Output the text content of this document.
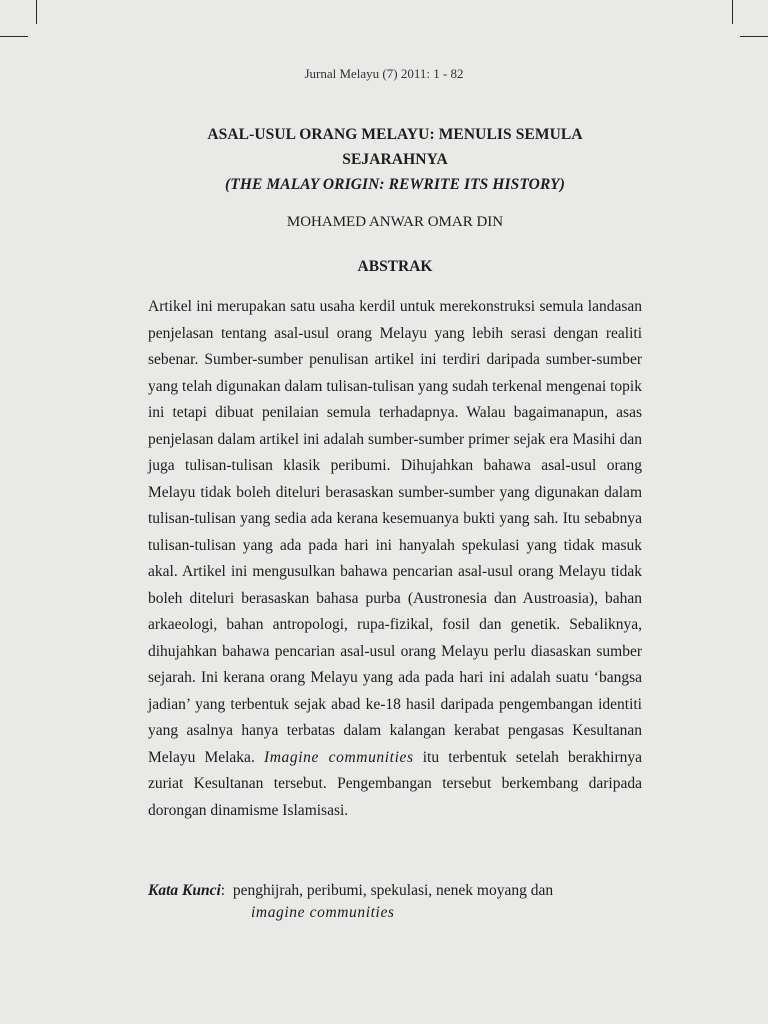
Jurnal Melayu (7) 2011: 1 - 82
ASAL-USUL ORANG MELAYU: MENULIS SEMULA
SEJARAHNYA
(THE MALAY ORIGIN: REWRITE ITS HISTORY)
MOHAMED ANWAR OMAR DIN
ABSTRAK
Artikel ini merupakan satu usaha kerdil untuk merekonstruksi semula landasan penjelasan tentang asal-usul orang Melayu yang lebih serasi dengan realiti sebenar. Sumber-sumber penulisan artikel ini terdiri daripada sumber-sumber yang telah digunakan dalam tulisan-tulisan yang sudah terkenal mengenai topik ini tetapi dibuat penilaian semula terhadapnya. Walau bagaimanapun, asas penjelasan dalam artikel ini adalah sumber-sumber primer sejak era Masihi dan juga tulisan-tulisan klasik peribumi. Dihujahkan bahawa asal-usul orang Melayu tidak boleh diteluri berasaskan sumber-sumber yang digunakan dalam tulisan-tulisan yang sedia ada kerana kesemuanya bukti yang sah. Itu sebabnya tulisan-tulisan yang ada pada hari ini hanyalah spekulasi yang tidak masuk akal. Artikel ini mengusulkan bahawa pencarian asal-usul orang Melayu tidak boleh diteluri berasaskan bahasa purba (Austronesia dan Austroasia), bahan arkaeologi, bahan antropologi, rupa-fizikal, fosil dan genetik. Sebaliknya, dihujahkan bahawa pencarian asal-usul orang Melayu perlu diasaskan sumber sejarah. Ini kerana orang Melayu yang ada pada hari ini adalah suatu ‘bangsa jadian’ yang terbentuk sejak abad ke-18 hasil daripada pengembangan identiti yang asalnya hanya terbatas dalam kalangan kerabat pengasas Kesultanan Melayu Melaka. Imagine communities itu terbentuk setelah berakhirnya zuriat Kesultanan tersebut. Pengembangan tersebut berkembang daripada dorongan dinamisme Islamisasi.
Kata Kunci: penghijrah, peribumi, spekulasi, nenek moyang dan
imagine communities
